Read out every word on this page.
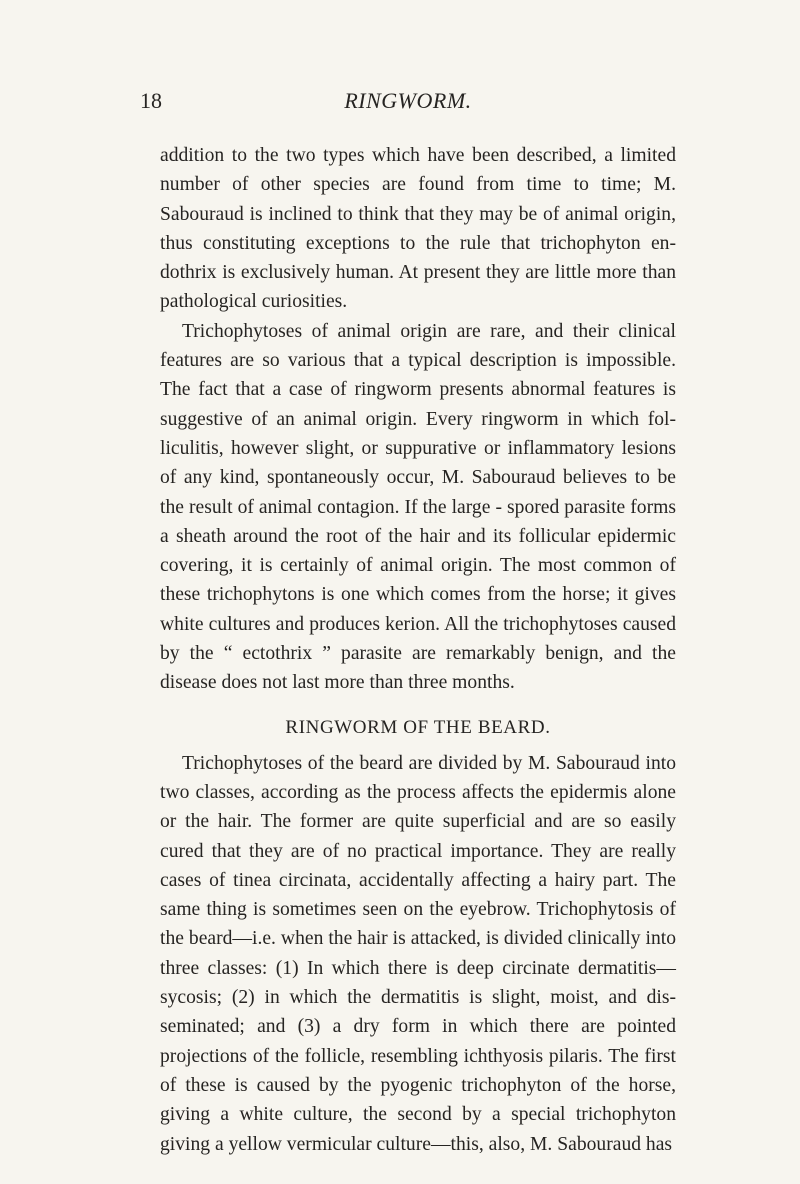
18	RINGWORM.

addition to the two types which have been described, a limited number of other species are found from time to time; M. Sabouraud is inclined to think that they may be of animal origin, thus constituting exceptions to the rule that trichophyton en- dothrix is exclusively human. At present they are little more than pathological curiosities.

Trichophytoses of animal origin are rare, and their clinical features are so various that a typical description is impossible. The fact that a case of ringworm presents abnormal features is suggestive of an animal origin. Every ringworm in which fol- liculitis, however slight, or suppurative or inflammatory lesions of any kind, spontaneously occur, M. Sabouraud believes to be the result of animal contagion. If the large - spored parasite forms a sheath around the root of the hair and its follicular epidermic covering, it is certainly of animal origin. The most common of these trichophytons is one which comes from the horse; it gives white cultures and produces kerion. All the trichophytoses caused by the “ ectothrix ” parasite are remarkably benign, and the disease does not last more than three months.

RINGWORM OF THE BEARD.

Trichophytoses of the beard are divided by M. Sabouraud into two classes, according as the process affects the epidermis alone or the hair. The former are quite superficial and are so easily cured that they are of no practical importance. They are really cases of tinea circinata, accidentally affecting a hairy part. The same thing is sometimes seen on the eyebrow. Trichophytosis of the beard—i.e. when the hair is attacked, is divided clinically into three classes: (1) In which there is deep circinate dermatitis—sycosis; (2) in which the dermatitis is slight, moist, and dis- seminated; and (3) a dry form in which there are pointed projections of the follicle, resembling ichthyosis pilaris. The first of these is caused by the pyogenic trichophyton of the horse, giving a white culture, the second by a special trichophyton giving a yellow vermicular culture—this, also, M. Sabouraud has
